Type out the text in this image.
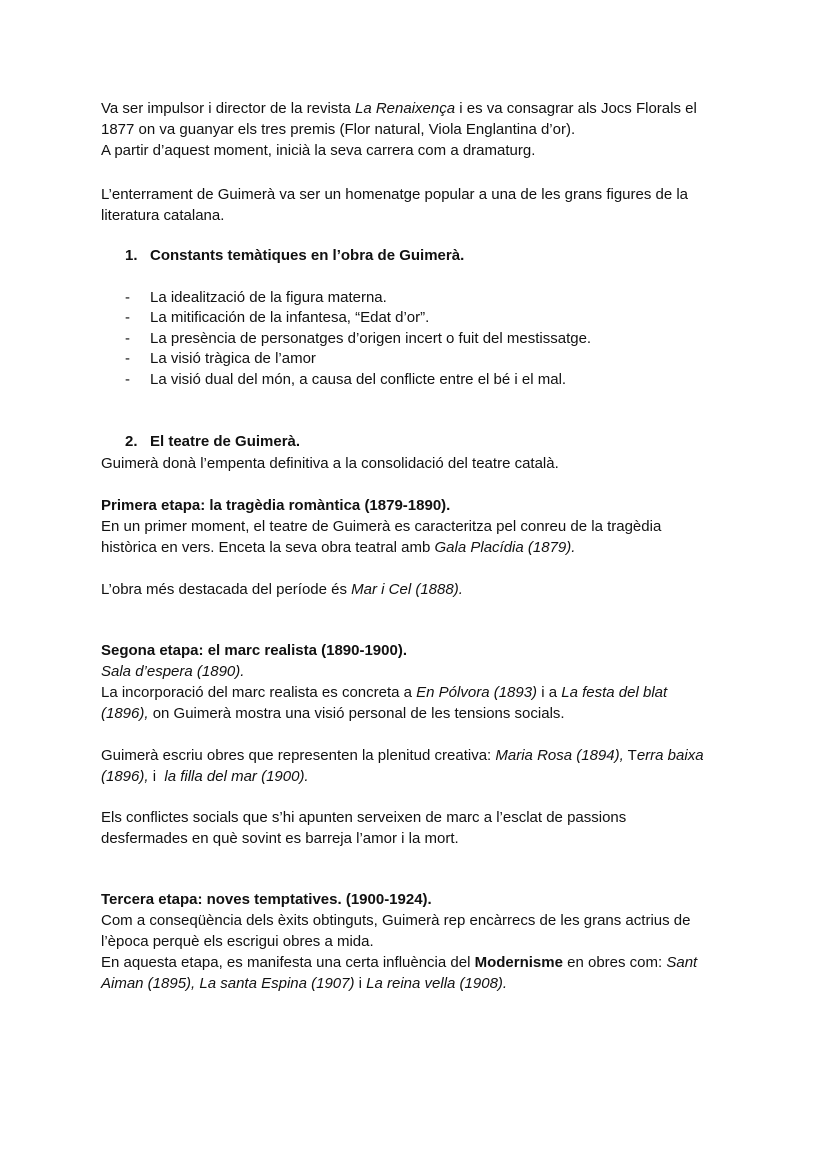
Va ser impulsor i director de la revista La Renaixença i es va consagrar als Jocs Florals el
1877 on va guanyar els tres premis (Flor natural, Viola Englantina d’or).
A partir d’aquest moment, inicià la seva carrera com a dramaturg.
L’enterrament de Guimerà va ser un homenatge popular a una de les grans figures de la
literatura catalana.
1. Constants temàtiques en l’obra de Guimerà.
- La idealització de la figura materna.
- La mitificación de la infantesa, “Edat d’or”.
- La presència de personatges d’origen incert o fuit del mestissatge.
- La visió tràgica de l’amor
- La visió dual del món, a causa del conflicte entre el bé i el mal.
2. El teatre de Guimerà.
Guimerà donà l’empenta definitiva a la consolidació del teatre català.
Primera etapa: la tragèdia romàntica (1879-1890).
En un primer moment, el teatre de Guimerà es caracteritza pel conreu de la tragèdia
històrica en vers. Enceta la seva obra teatral amb Gala Placídia (1879).
L’obra més destacada del període és Mar i Cel (1888).
Segona etapa: el marc realista (1890-1900).
Sala d’espera (1890).
La incorporació del marc realista es concreta a En Pólvora (1893) i a La festa del blat
(1896), on Guimerà mostra una visió personal de les tensions socials.
Guimerà escriu obres que representen la plenitud creativa: Maria Rosa (1894), Terra baixa
(1896), i  la filla del mar (1900).
Els conflictes socials que s’hi apunten serveixen de marc a l’esclat de passions
desfermades en què sovint es barreja l’amor i la mort.
Tercera etapa: noves temptatives. (1900-1924).
Com a conseqüència dels èxits obtinguts, Guimerà rep encàrrecs de les grans actrius de
l’època perquè els escrigui obres a mida.
En aquesta etapa, es manifesta una certa influència del Modernisme en obres com: Sant
Aiman (1895), La santa Espina (1907) i La reina vella (1908).
